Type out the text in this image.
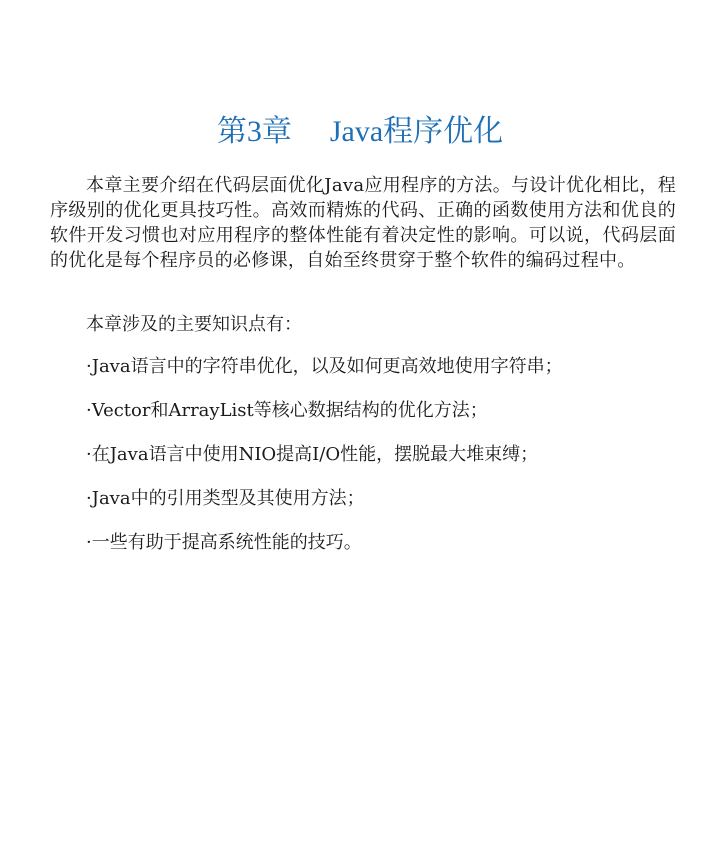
第3章 Java程序优化

本章主要介绍在代码层面优化Java应用程序的方法。与设计优化相比，程序级别的优化更具技巧性。高效而精炼的代码、正确的函数使用方法和优良的软件开发习惯也对应用程序的整体性能有着决定性的影响。可以说，代码层面的优化是每个程序员的必修课，自始至终贯穿于整个软件的编码过程中。

本章涉及的主要知识点有：

·Java语言中的字符串优化，以及如何更高效地使用字符串；
·Vector和ArrayList等核心数据结构的优化方法；
·在Java语言中使用NIO提高I/O性能，摆脱最大堆束缚；
·Java中的引用类型及其使用方法；
·一些有助于提高系统性能的技巧。
